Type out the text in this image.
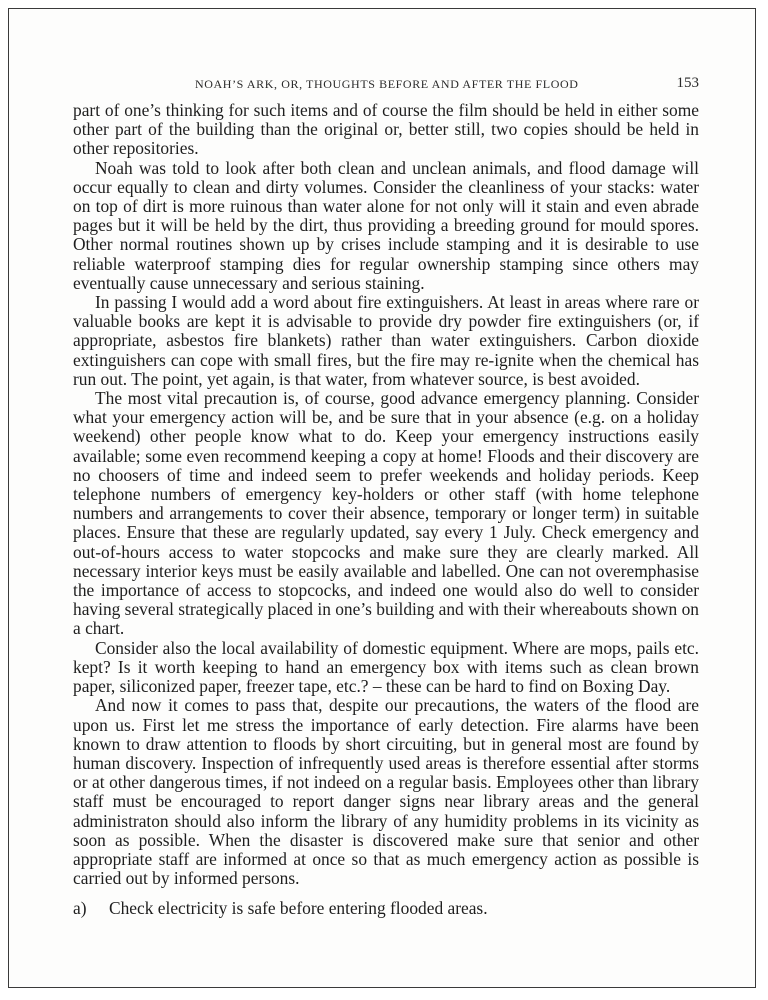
NOAH’S ARK, OR, THOUGHTS BEFORE AND AFTER THE FLOOD	153

part of one’s thinking for such items and of course the film should be held in either some other part of the building than the original or, better still, two copies should be held in other repositories.

Noah was told to look after both clean and unclean animals, and flood damage will occur equally to clean and dirty volumes. Consider the cleanliness of your stacks: water on top of dirt is more ruinous than water alone for not only will it stain and even abrade pages but it will be held by the dirt, thus providing a breeding ground for mould spores. Other normal routines shown up by crises include stamping and it is desirable to use reliable waterproof stamping dies for regular ownership stamping since others may eventually cause unnecessary and serious staining.

In passing I would add a word about fire extinguishers. At least in areas where rare or valuable books are kept it is advisable to provide dry powder fire extinguishers (or, if appropriate, asbestos fire blankets) rather than water extinguishers. Carbon dioxide extinguishers can cope with small fires, but the fire may re-ignite when the chemical has run out. The point, yet again, is that water, from whatever source, is best avoided.

The most vital precaution is, of course, good advance emergency planning. Consider what your emergency action will be, and be sure that in your absence (e.g. on a holiday weekend) other people know what to do. Keep your emergency instructions easily available; some even recommend keeping a copy at home! Floods and their discovery are no choosers of time and indeed seem to prefer weekends and holiday periods. Keep telephone numbers of emergency key-holders or other staff (with home telephone numbers and arrangements to cover their absence, temporary or longer term) in suitable places. Ensure that these are regularly updated, say every 1 July. Check emergency and out-of-hours access to water stopcocks and make sure they are clearly marked. All necessary interior keys must be easily available and labelled. One can not overemphasise the importance of access to stopcocks, and indeed one would also do well to consider having several strategically placed in one’s building and with their whereabouts shown on a chart.

Consider also the local availability of domestic equipment. Where are mops, pails etc. kept? Is it worth keeping to hand an emergency box with items such as clean brown paper, siliconized paper, freezer tape, etc.? – these can be hard to find on Boxing Day.

And now it comes to pass that, despite our precautions, the waters of the flood are upon us. First let me stress the importance of early detection. Fire alarms have been known to draw attention to floods by short circuiting, but in general most are found by human discovery. Inspection of infrequently used areas is therefore essential after storms or at other dangerous times, if not indeed on a regular basis. Employees other than library staff must be encouraged to report danger signs near library areas and the general administraton should also inform the library of any humidity problems in its vicinity as soon as possible. When the disaster is discovered make sure that senior and other appropriate staff are informed at once so that as much emergency action as possible is carried out by informed persons.

a)	Check electricity is safe before entering flooded areas.
